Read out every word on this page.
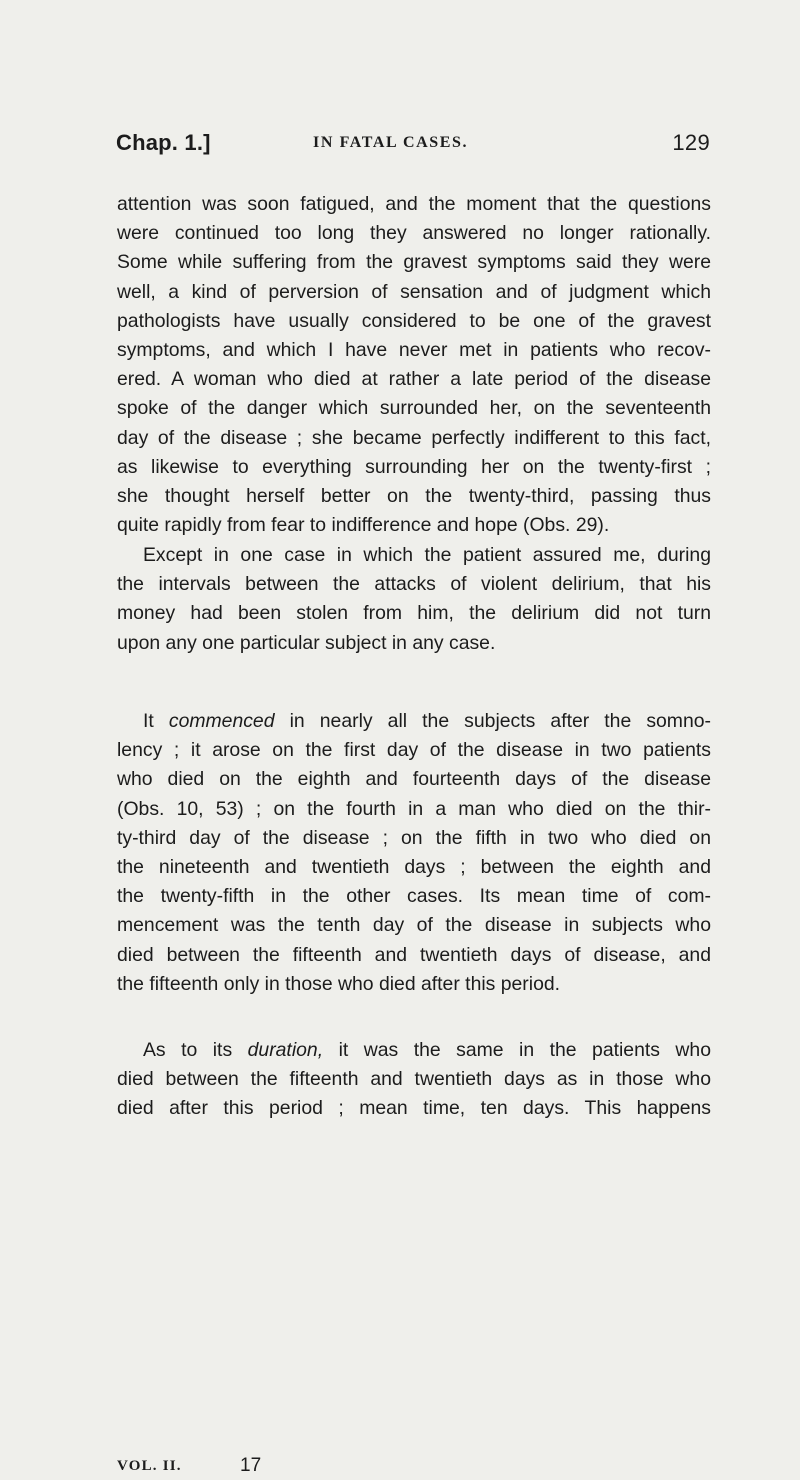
Chap. 1.]	IN FATAL CASES.	129
attention was soon fatigued, and the moment that the questions
were continued too long they answered no longer rationally.
Some while suffering from the gravest symptoms said they were
well, a kind of perversion of sensation and of judgment which
pathologists have usually considered to be one of the gravest
symptoms, and which I have never met in patients who recov-
ered. A woman who died at rather a late period of the disease
spoke of the danger which surrounded her, on the seventeenth
day of the disease ; she became perfectly indifferent to this fact,
as likewise to everything surrounding her on the twenty-first ;
she thought herself better on the twenty-third, passing thus
quite rapidly from fear to indifference and hope (Obs. 29).
Except in one case in which the patient assured me, during
the intervals between the attacks of violent delirium, that his
money had been stolen from him, the delirium did not turn
upon any one particular subject in any case.
It commenced in nearly all the subjects after the somno-
lency ; it arose on the first day of the disease in two patients
who died on the eighth and fourteenth days of the disease
(Obs. 10, 53) ; on the fourth in a man who died on the thir-
ty-third day of the disease ; on the fifth in two who died on
the nineteenth and twentieth days ; between the eighth and
the twenty-fifth in the other cases. Its mean time of com-
mencement was the tenth day of the disease in subjects who
died between the fifteenth and twentieth days of disease, and
the fifteenth only in those who died after this period.
As to its duration, it was the same in the patients who
died between the fifteenth and twentieth days as in those who
died after this period ; mean time, ten days. This happens
VOL. II.	17
